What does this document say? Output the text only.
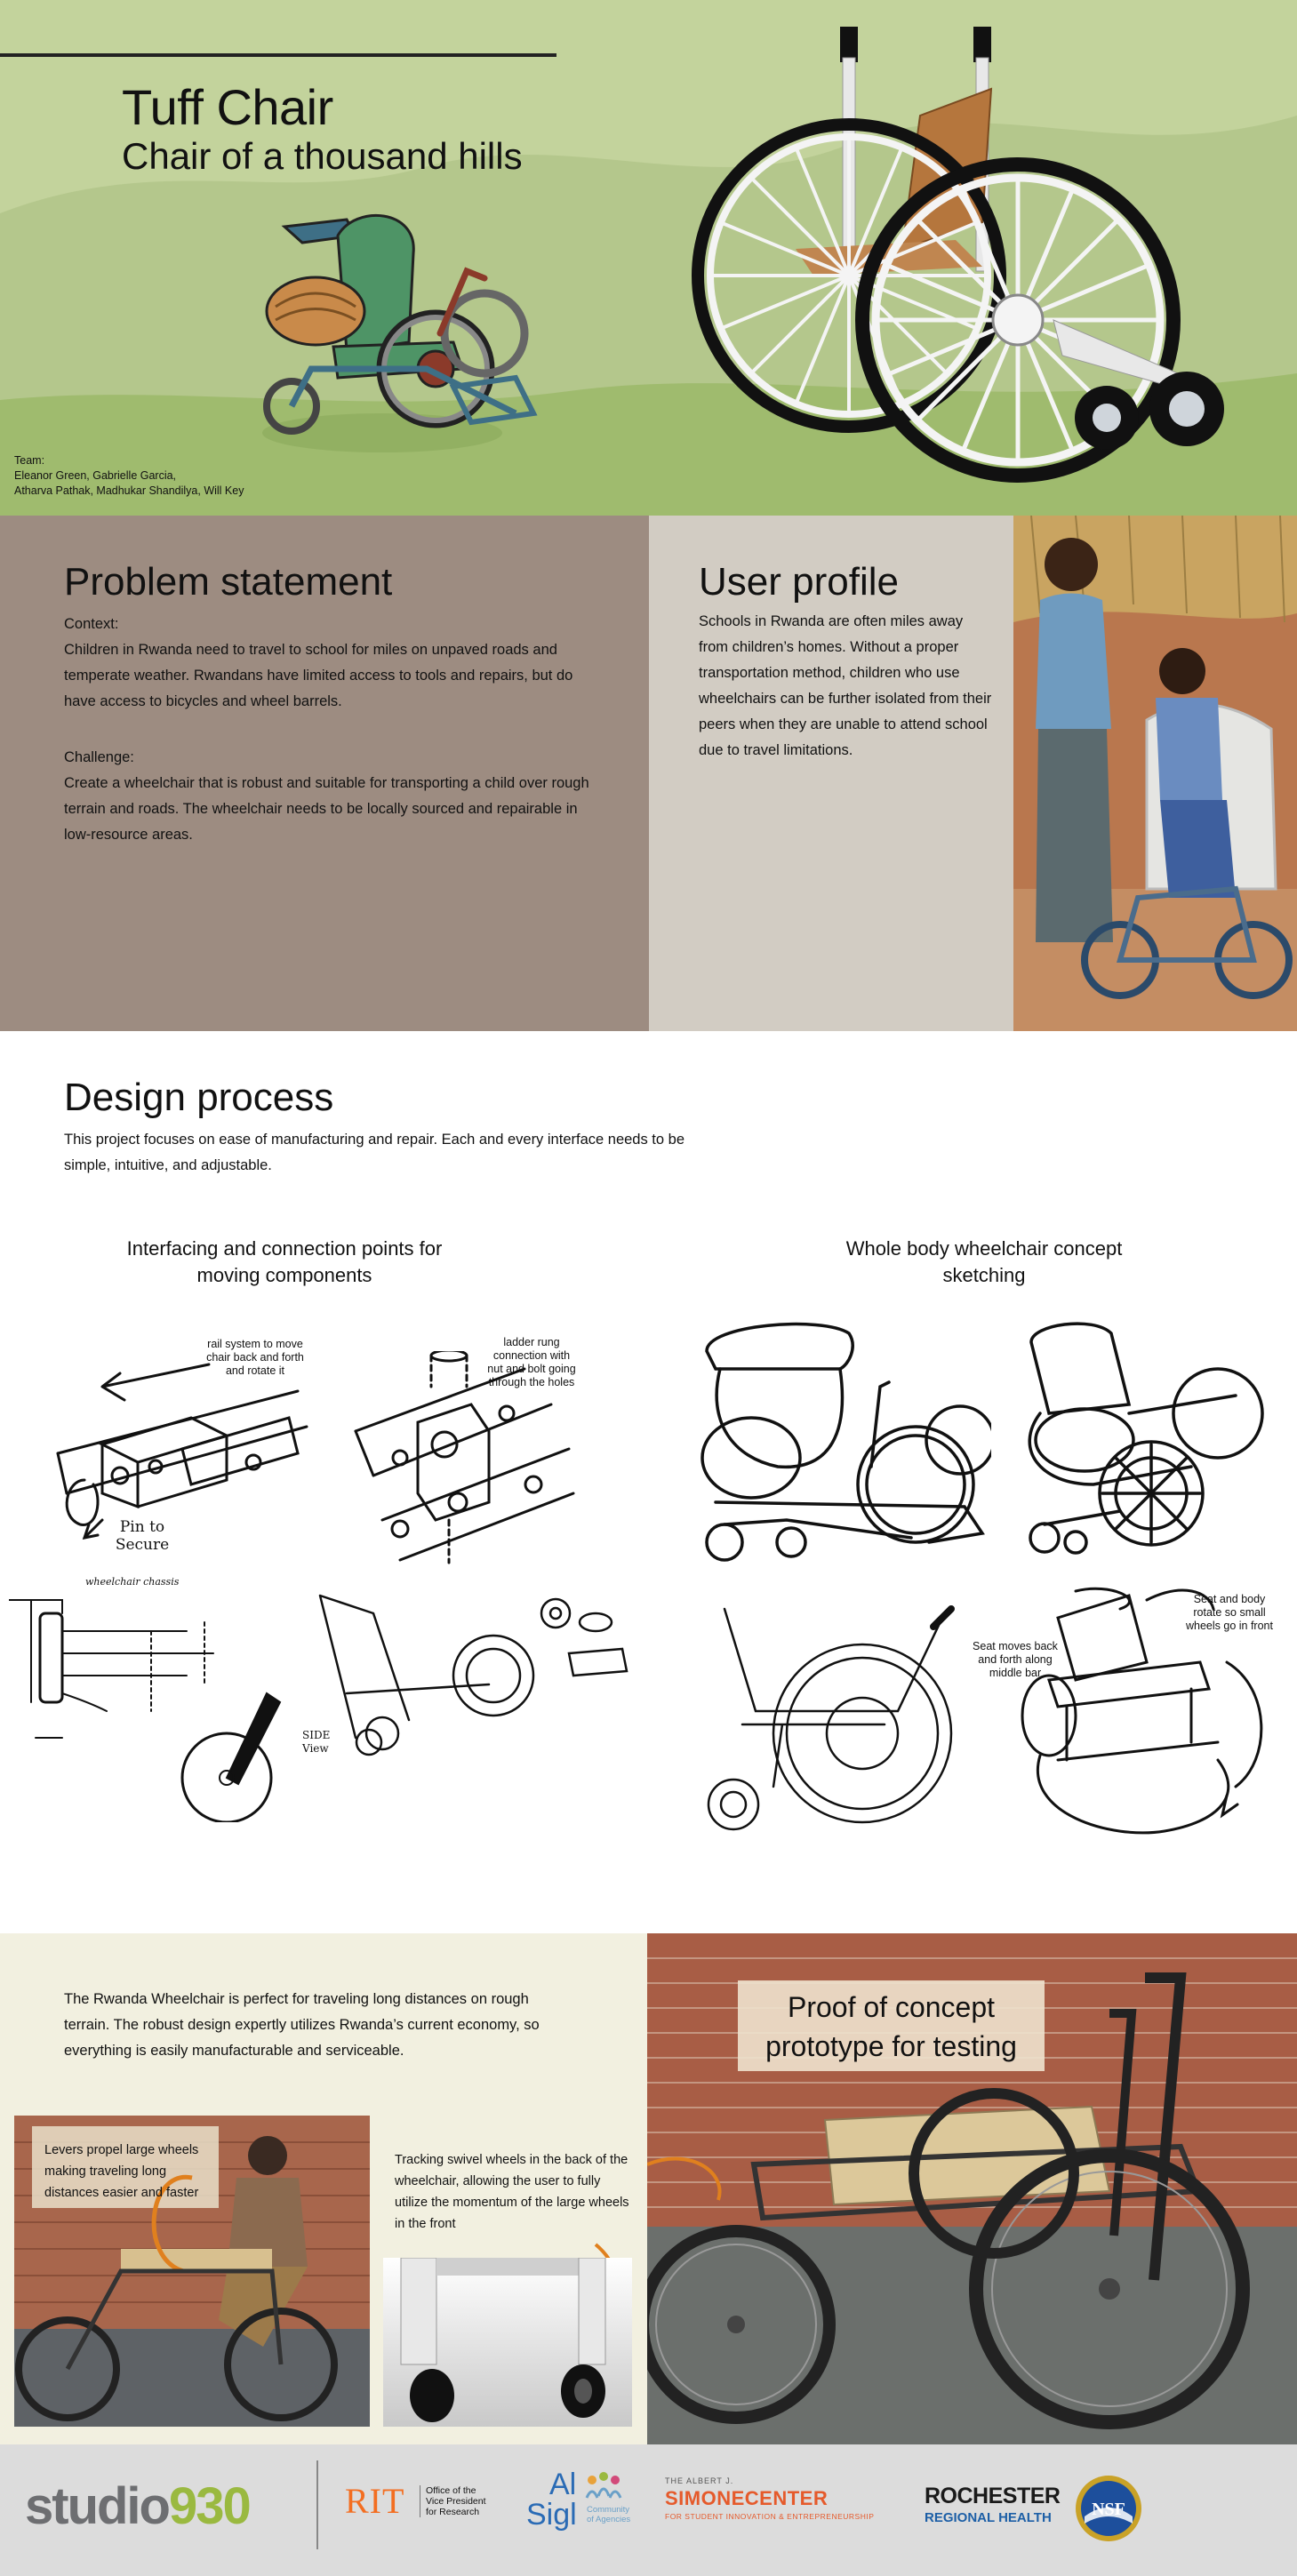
Tuff Chair
Chair of a thousand hills
Team:
Eleanor Green, Gabrielle Garcia,
Atharva Pathak, Madhukar Shandilya, Will Key
Problem statement
Context:
Children in Rwanda need to travel to school for miles on unpaved roads and temperate weather. Rwandans have limited access to tools and repairs, but do have access to bicycles and wheel barrels.
Challenge:
Create a wheelchair that is robust and suitable for transporting a child over rough terrain and roads. The wheelchair needs to be locally sourced and repairable in low-resource areas.
User profile
Schools in Rwanda are often miles away from children’s homes. Without a proper transportation method, children who use wheelchairs can be further isolated from their peers when they are unable to attend school due to travel limitations.
Design process
This project focuses on ease of manufacturing and repair. Each and every interface needs to be simple, intuitive, and adjustable.
Interfacing and connection points for
moving components
Whole body wheelchair concept
sketching
rail system to move
chair back and forth
and rotate it
Pin to
Secure
ladder rung
connection with
nut and bolt going
through the holes
wheelchair chassis
SIDE
View
Seat moves back
and forth along
middle bar
Seat and body
rotate so small
wheels go in front
The Rwanda Wheelchair is perfect for traveling long distances on rough terrain. The robust design expertly utilizes Rwanda’s current economy, so everything is easily manufacturable and serviceable.
Levers propel large wheels making traveling long distances easier and faster
Tracking swivel wheels in the back of the wheelchair, allowing the user to fully utilize the momentum of the large wheels in the front
Proof of concept
prototype for testing
studio930	RIT Office of the
Vice President
for Research
Al
Sigl Community
of Agencies
THE ALBERT J.
SIMONECENTER
FOR STUDENT INNOVATION & ENTREPRENEURSHIP
ROCHESTER
REGIONAL HEALTH NSF
